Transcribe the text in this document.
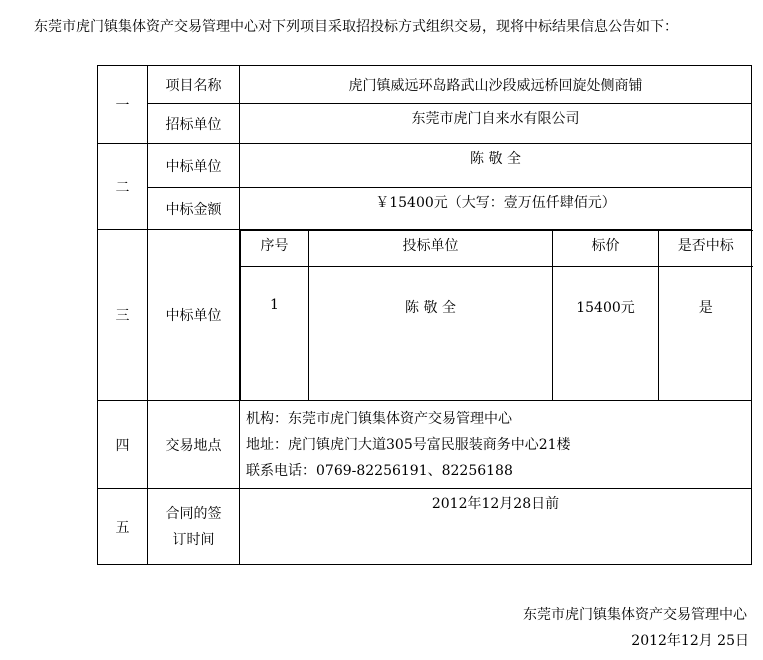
东莞市虎门镇集体资产交易管理中心对下列项目采取招投标方式组织交易，现将中标结果信息公告如下：
一	项目名称	虎门镇威远环岛路武山沙段威远桥回旋处侧商铺
招标单位	东莞市虎门自来水有限公司
二	中标单位	陈 敬 全
中标金额	￥15400元（大写：壹万伍仟肆佰元）
三	中标单位	
序号	投标单位	标价	是否中标
1	陈 敬 全	15400元	是

四	交易地点	
机构：东莞市虎门镇集体资产交易管理中心
地址：虎门镇虎门大道305号富民服装商务中心21楼
联系电话：0769-82256191、82256188

五	合同的签订时间	2012年12月28日前
东莞市虎门镇集体资产交易管理中心
2012年12月 25日
